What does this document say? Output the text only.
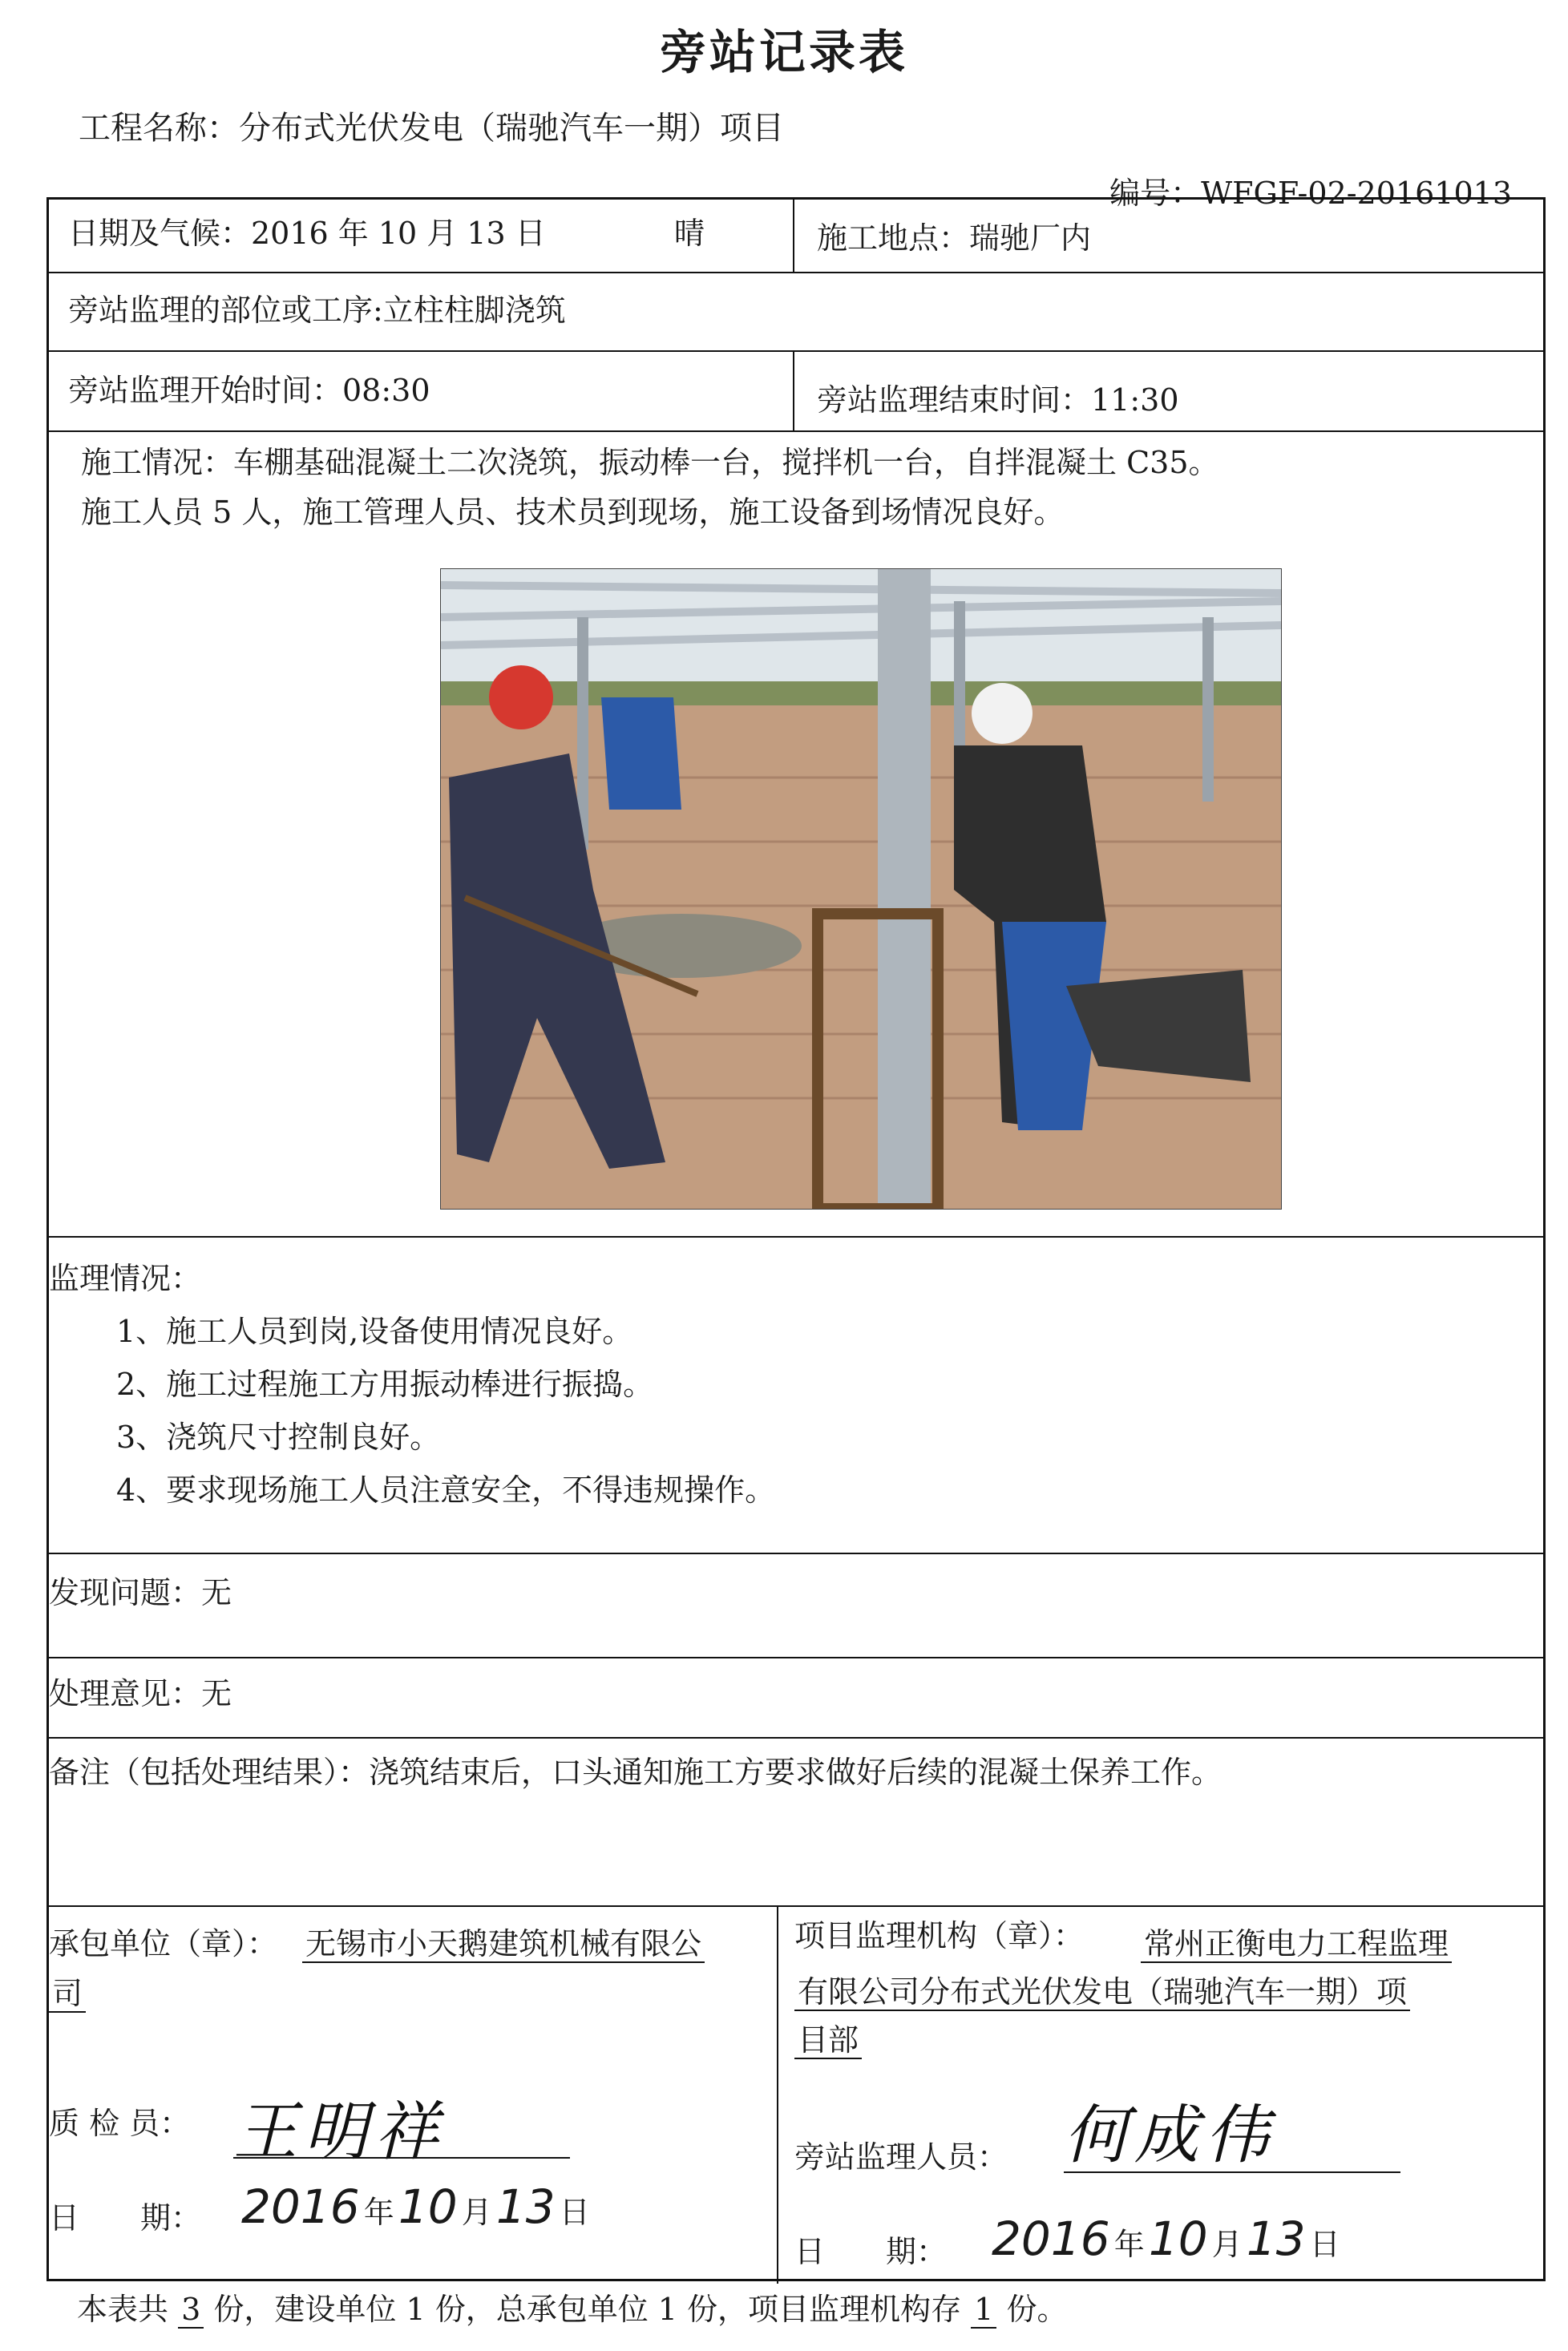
旁站记录表
工程名称：分布式光伏发电（瑞驰汽车一期）项目
编号：WFGF-02-20161013
日期及气候：2016 年 10 月 13 日	晴	施工地点：瑞驰厂内
旁站监理的部位或工序:立柱柱脚浇筑
旁站监理开始时间：08:30	旁站监理结束时间：11:30
施工情况：车棚基础混凝土二次浇筑，振动棒一台，搅拌机一台，自拌混凝土 C35。
施工人员 5 人，施工管理人员、技术员到现场，施工设备到场情况良好。
监理情况：
1、施工人员到岗,设备使用情况良好。
2、施工过程施工方用振动棒进行振捣。
3、浇筑尺寸控制良好。
4、要求现场施工人员注意安全，不得违规操作。
发现问题：无
处理意见：无
备注（包括处理结果）：浇筑结束后，口头通知施工方要求做好后续的混凝土保养工作。
承包单位（章）： 无锡市小天鹅建筑机械有限公
司
质 检 员： 王明祥
日　　期： 2016 年 10 月 13 日
项目监理机构（章）： 常州正衡电力工程监理
有限公司分布式光伏发电（瑞驰汽车一期）项
目部
旁站监理人员： 何成伟
日　　期： 2016 年 10 月 13 日
本表共 3 份，建设单位 1 份，总承包单位 1 份，项目监理机构存 1 份。
